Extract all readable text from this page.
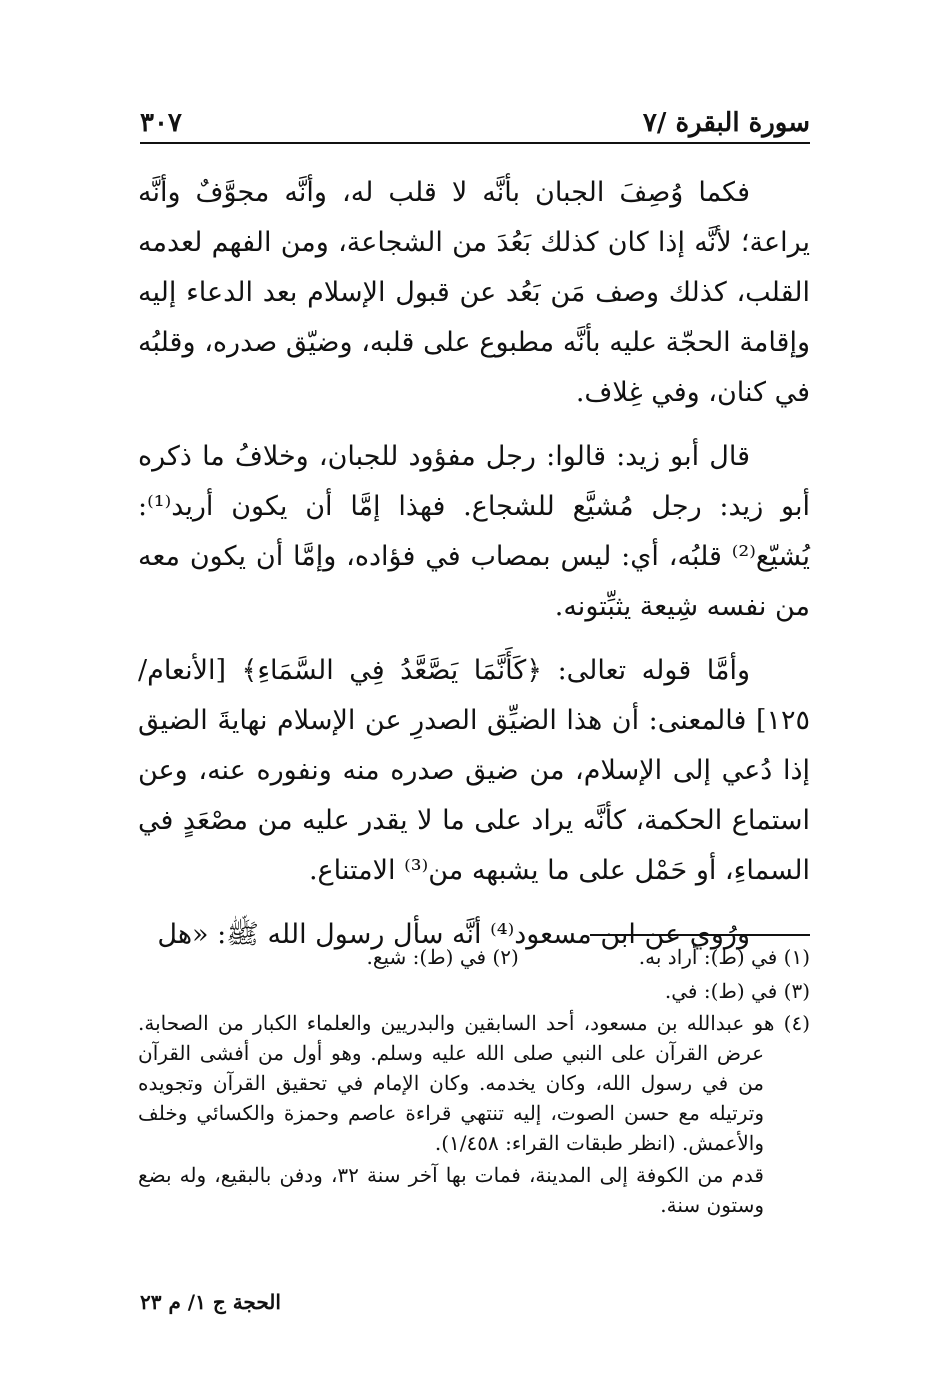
سورة البقرة /٧
٣٠٧

فكما وُصِفَ الجبان بأنَّه لا قلب له، وأنَّه مجوَّفٌ وأنَّه يراعة؛ لأنَّه إذا كان كذلك بَعُدَ من الشجاعة، ومن الفهم لعدمه القلب، كذلك وصف مَن بَعُد عن قبول الإسلام بعد الدعاء إليه وإقامة الحجّة عليه بأنَّه مطبوع على قلبه، وضيّق صدره، وقلبُه في كنان، وفي غِلاف.

قال أبو زيد: قالوا: رجل مفؤود للجبان، وخلافُ ما ذكره أبو زيد: رجل مُشيَّع للشجاع. فهذا إمَّا أن يكون أريد⁽¹⁾: يُشيّع⁽²⁾ قلبُه، أي: ليس بمصاب في فؤاده، وإمَّا أن يكون معه من نفسه شِيعة يثبِّتونه.

وأمَّا قوله تعالى: ﴿كَأَنَّمَا يَصَّعَّدُ فِي السَّمَاءِ﴾ [الأنعام/١٢٥] فالمعنى: أن هذا الضيِّق الصدرِ عن الإسلام نهايةَ الضيق إذا دُعي إلى الإسلام، من ضيق صدره منه ونفوره عنه، وعن استماع الحكمة، كأنَّه يراد على ما لا يقدر عليه من مصْعَدٍ في السماءِ، أو حَمْل على ما يشبهه من⁽³⁾ الامتناع.

ورُوي عن ابن مسعود⁽⁴⁾ أنَّه سأل رسول الله ﷺ: «هل

(١) في (ط): أراد به.
(٢) في (ط): شيع.
(٣) في (ط): في.
(٤) هو عبدالله بن مسعود، أحد السابقين والبدريين والعلماء الكبار من الصحابة. عرض القرآن على النبي صلى الله عليه وسلم. وهو أول من أفشى القرآن من في رسول الله، وكان يخدمه. وكان الإمام في تحقيق القرآن وتجويده وترتيله مع حسن الصوت، إليه تنتهي قراءة عاصم وحمزة والكسائي وخلف والأعمش. (انظر طبقات القراء: ١/٤٥٨).
قدم من الكوفة إلى المدينة، فمات بها آخر سنة ٣٢، ودفن بالبقيع، وله بضع وستون سنة.
الحجة ج ١/ م ٢٣
